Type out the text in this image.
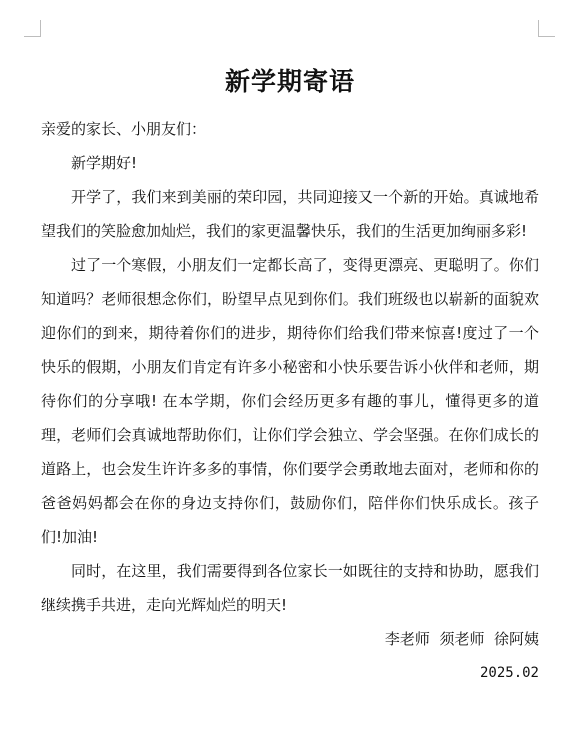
新学期寄语

亲爱的家长、小朋友们：

新学期好!

开学了，我们来到美丽的荣印园，共同迎接又一个新的开始。真诚地希望我们的笑脸愈加灿烂，我们的家更温馨快乐，我们的生活更加绚丽多彩!

过了一个寒假，小朋友们一定都长高了，变得更漂亮、更聪明了。你们知道吗？老师很想念你们，盼望早点见到你们。我们班级也以崭新的面貌欢迎你们的到来，期待着你们的进步，期待你们给我们带来惊喜!度过了一个快乐的假期，小朋友们肯定有许多小秘密和小快乐要告诉小伙伴和老师，期待你们的分享哦! 在本学期，你们会经历更多有趣的事儿，懂得更多的道理，老师们会真诚地帮助你们，让你们学会独立、学会坚强。在你们成长的道路上，也会发生许许多多的事情，你们要学会勇敢地去面对，老师和你的爸爸妈妈都会在你的身边支持你们，鼓励你们，陪伴你们快乐成长。孩子们!加油!

同时，在这里，我们需要得到各位家长一如既往的支持和协助，愿我们继续携手共进，走向光辉灿烂的明天!

李老师  须老师  徐阿姨

2025.02
